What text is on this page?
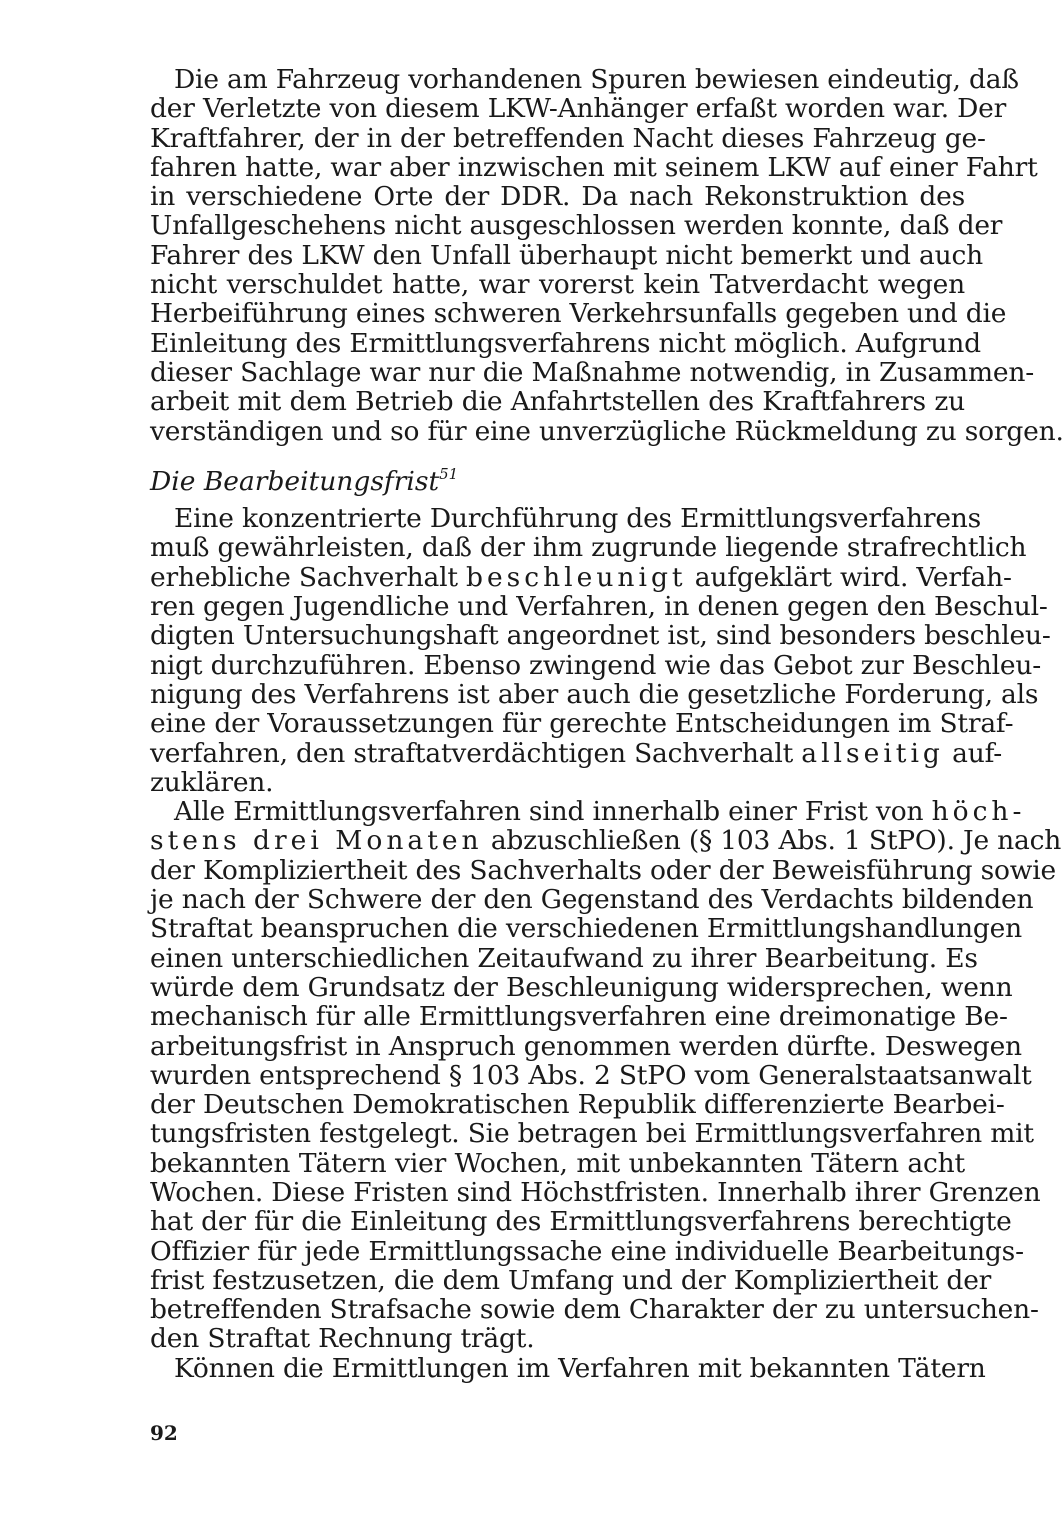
Die am Fahrzeug vorhandenen Spuren bewiesen eindeutig, daß
der Verletzte von diesem LKW-Anhänger erfaßt worden war. Der
Kraftfahrer, der in der betreffenden Nacht dieses Fahrzeug ge-
fahren hatte, war aber inzwischen mit seinem LKW auf einer Fahrt
in verschiedene Orte der DDR. Da nach Rekonstruktion des
Unfallgeschehens nicht ausgeschlossen werden konnte, daß der
Fahrer des LKW den Unfall überhaupt nicht bemerkt und auch
nicht verschuldet hatte, war vorerst kein Tatverdacht wegen
Herbeiführung eines schweren Verkehrsunfalls gegeben und die
Einleitung des Ermittlungsverfahrens nicht möglich. Aufgrund
dieser Sachlage war nur die Maßnahme notwendig, in Zusammen-
arbeit mit dem Betrieb die Anfahrtstellen des Kraftfahrers zu
verständigen und so für eine unverzügliche Rückmeldung zu sorgen.
Die Bearbeitungsfrist$^{51}$
Eine konzentrierte Durchführung des Ermittlungsverfahrens
muß gewährleisten, daß der ihm zugrunde liegende strafrechtlich
erhebliche Sachverhalt beschleunigt aufgeklärt wird. Verfah-
ren gegen Jugendliche und Verfahren, in denen gegen den Beschul-
digten Untersuchungshaft angeordnet ist, sind besonders beschleu-
nigt durchzuführen. Ebenso zwingend wie das Gebot zur Beschleu-
nigung des Verfahrens ist aber auch die gesetzliche Forderung, als
eine der Voraussetzungen für gerechte Entscheidungen im Straf-
verfahren, den straftatverdächtigen Sachverhalt allseitig auf-
zuklären.
Alle Ermittlungsverfahren sind innerhalb einer Frist von höch-
stens drei Monaten abzuschließen (§ 103 Abs. 1 StPO). Je nach
der Kompliziertheit des Sachverhalts oder der Beweisführung sowie
je nach der Schwere der den Gegenstand des Verdachts bildenden
Straftat beanspruchen die verschiedenen Ermittlungshandlungen
einen unterschiedlichen Zeitaufwand zu ihrer Bearbeitung. Es
würde dem Grundsatz der Beschleunigung widersprechen, wenn
mechanisch für alle Ermittlungsverfahren eine dreimonatige Be-
arbeitungsfrist in Anspruch genommen werden dürfte. Deswegen
wurden entsprechend § 103 Abs. 2 StPO vom Generalstaatsanwalt
der Deutschen Demokratischen Republik differenzierte Bearbei-
tungsfristen festgelegt. Sie betragen bei Ermittlungsverfahren mit
bekannten Tätern vier Wochen, mit unbekannten Tätern acht
Wochen. Diese Fristen sind Höchstfristen. Innerhalb ihrer Grenzen
hat der für die Einleitung des Ermittlungsverfahrens berechtigte
Offizier für jede Ermittlungssache eine individuelle Bearbeitungs-
frist festzusetzen, die dem Umfang und der Kompliziertheit der
betreffenden Strafsache sowie dem Charakter der zu untersuchen-
den Straftat Rechnung trägt.
Können die Ermittlungen im Verfahren mit bekannten Tätern
92
